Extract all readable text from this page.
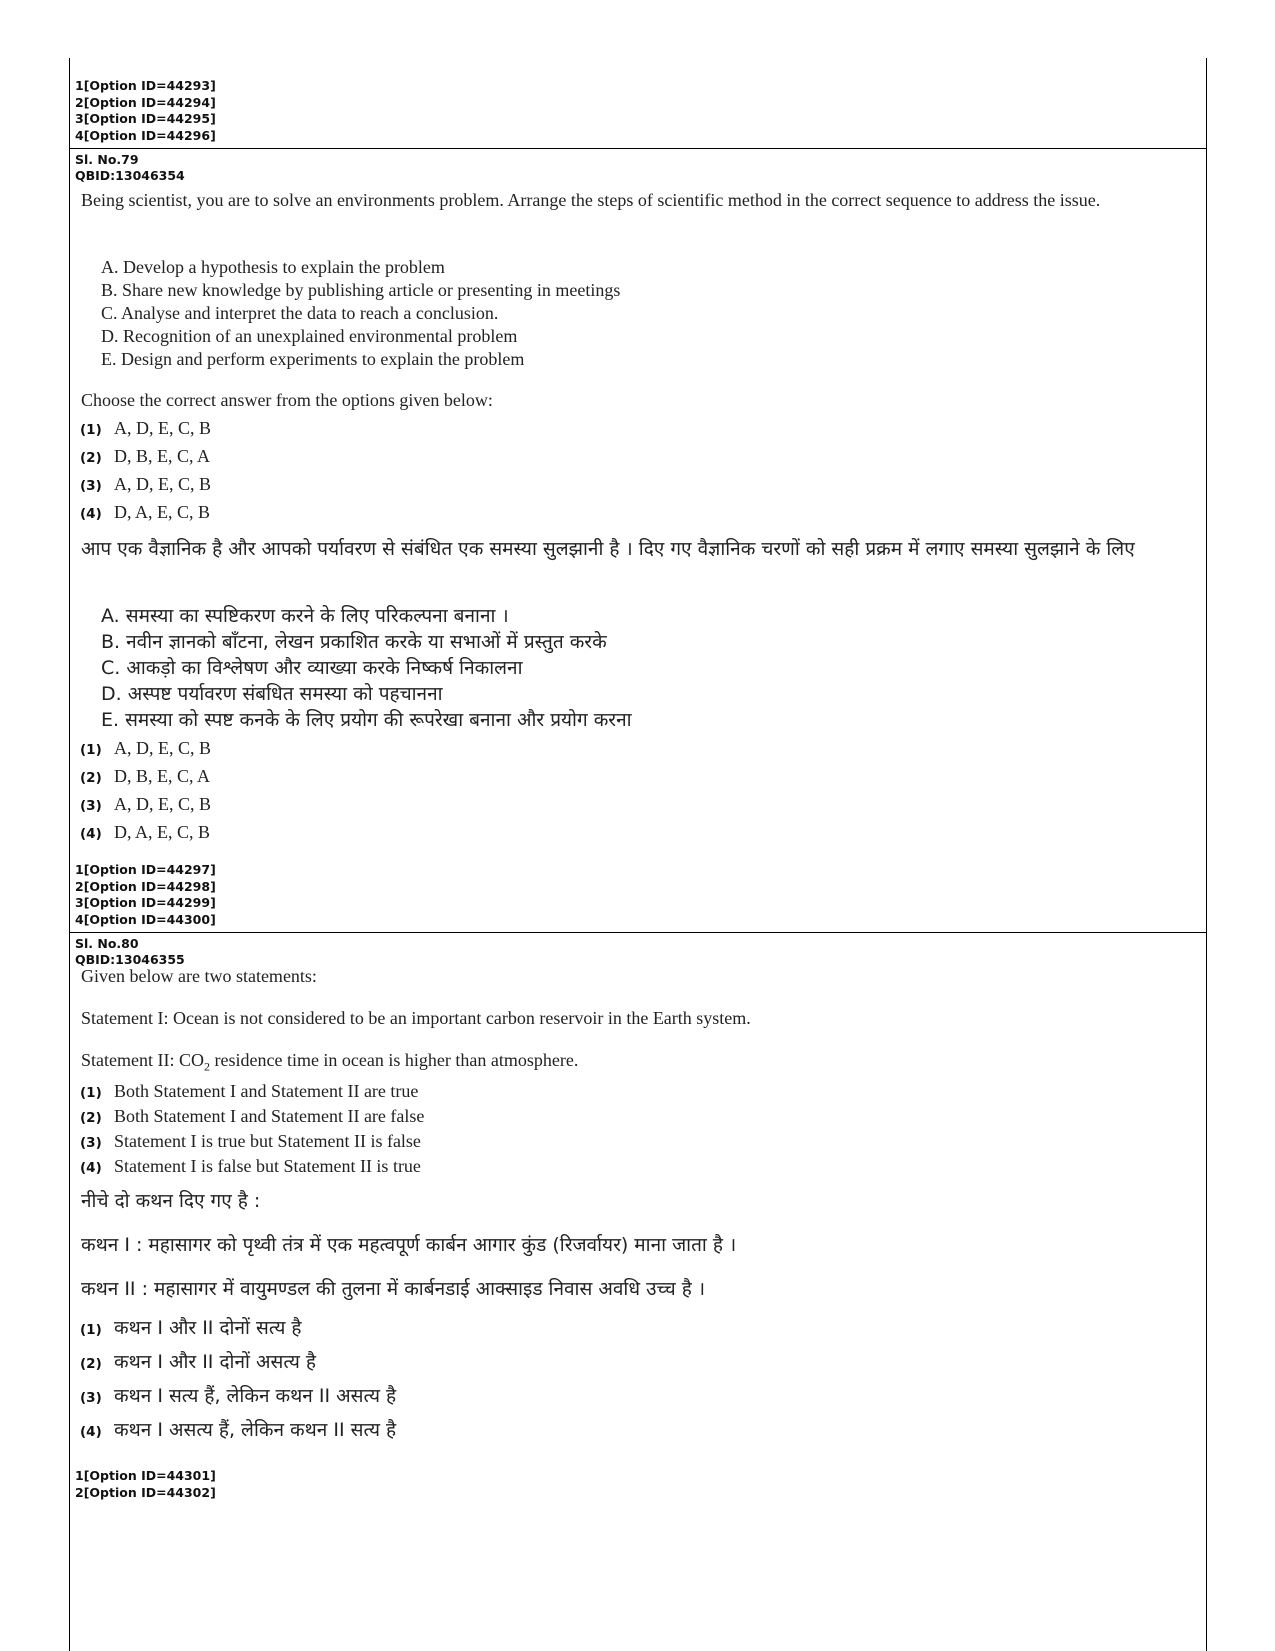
1[Option ID=44293]
2[Option ID=44294]
3[Option ID=44295]
4[Option ID=44296]
Sl. No.79
QBID:13046354
Being scientist, you are to solve an environments problem. Arrange the steps of scientific method in the correct sequence to address the issue.
A. Develop a hypothesis to explain the problem
B. Share new knowledge by publishing article or presenting in meetings
C. Analyse and interpret the data to reach a conclusion.
D. Recognition of an unexplained environmental problem
E. Design and perform experiments to explain the problem
Choose the correct answer from the options given below:
(1) A, D, E, C, B
(2) D, B, E, C, A
(3) A, D, E, C, B
(4) D, A, E, C, B
आप एक वैज्ञानिक है और आपको पर्यावरण से संबंधित एक समस्या सुलझानी है । दिए गए वैज्ञानिक चरणों को सही प्रक्रम में लगाए समस्या सुलझाने के लिए
A. समस्या का स्पष्टिकरण करने के लिए परिकल्पना बनाना ।
B. नवीन ज्ञानको बाँटना, लेखन प्रकाशित करके या सभाओं में प्रस्तुत करके
C. आकड़ो का विश्लेषण और व्याख्या करके निष्कर्ष निकालना
D. अस्पष्ट पर्यावरण संबधित समस्या को पहचानना
E. समस्या को स्पष्ट कनके के लिए प्रयोग की रूपरेखा बनाना और प्रयोग करना
(1) A, D, E, C, B
(2) D, B, E, C, A
(3) A, D, E, C, B
(4) D, A, E, C, B
1[Option ID=44297]
2[Option ID=44298]
3[Option ID=44299]
4[Option ID=44300]
Sl. No.80
QBID:13046355
Given below are two statements:
Statement I: Ocean is not considered to be an important carbon reservoir in the Earth system.
Statement II: $CO_2$ residence time in ocean is higher than atmosphere.
(1) Both Statement I and Statement II are true
(2) Both Statement I and Statement II are false
(3) Statement I is true but Statement II is false
(4) Statement I is false but Statement II is true
नीचे दो कथन दिए गए है :
कथन I : महासागर को पृथ्वी तंत्र में एक महत्वपूर्ण कार्बन आगार कुंड (रिजर्वायर) माना जाता है ।
कथन II : महासागर में वायुमण्डल की तुलना में कार्बनडाई आक्साइड निवास अवधि उच्च है ।
(1) कथन I और II दोनों सत्य है
(2) कथन I और II दोनों असत्य है
(3) कथन I सत्य हैं, लेकिन कथन II असत्य है
(4) कथन I असत्य हैं, लेकिन कथन II सत्य है
1[Option ID=44301]
2[Option ID=44302]
